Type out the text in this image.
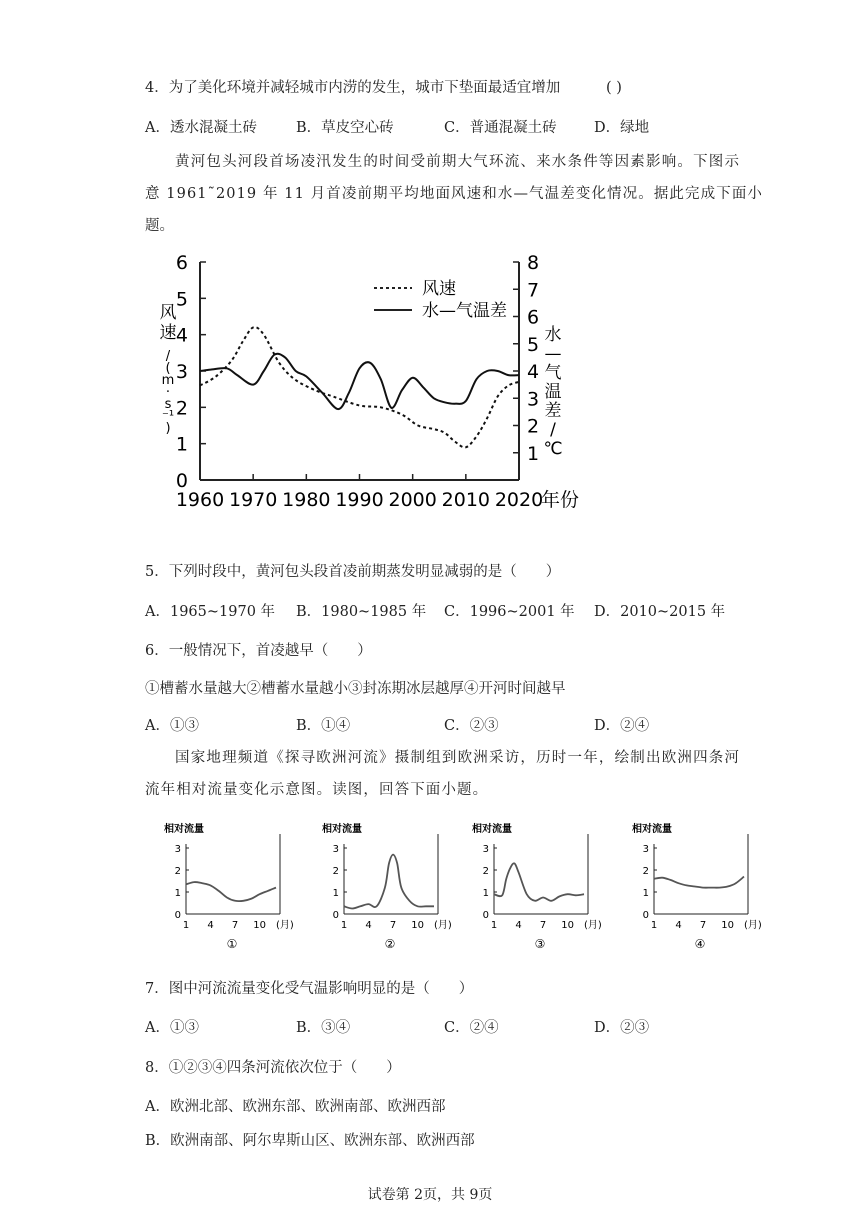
4．为了美化环境并减轻城市内涝的发生，城市下垫面最适宜增加	( )
A．透水混凝土砖	B．草皮空心砖	C．普通混凝土砖	D．绿地
黄河包头河段首场凌汛发生的时间受前期大气环流、来水条件等因素影响。下图示
意 1961˜2019 年 11 月首凌前期平均地面风速和水—气温差变化情况。据此完成下面小
题。
0
1
2
3
4
5
6
1
2
3
4
5
6
7
8
1960 1970 1980 1990 2000 2010 2020
年份
风
速
/
(
m
·
s
⁻¹
)
水
—
气
温
差
/
℃
风速
水—气温差
5．下列时段中，黄河包头段首凌前期蒸发明显减弱的是（　　）
A．1965~1970 年 B．1980~1985 年 C．1996~2001 年 D．2010~2015 年
6．一般情况下，首凌越早（　　）
①槽蓄水量越大②槽蓄水量越小③封冻期冰层越厚④开河时间越早
A．①③	B．①④	C．②③	D．②④
国家地理频道《探寻欧洲河流》摄制组到欧洲采访，历时一年，绘制出欧洲四条河
流年相对流量变化示意图。读图，回答下面小题。
相对流量
0
1
2
3
1 4 7 10 (月)
①
相对流量
0
1
2
3
1 4 7 10 (月)
②
相对流量
0
1
2
3
1 4 7 10 (月)
③
相对流量
0
1
2
3
1 4 7 10 (月)
④
7．图中河流流量变化受气温影响明显的是（　　）
A．①③	B．③④	C．②④	D．②③
8．①②③④四条河流依次位于（　　）
A．欧洲北部、欧洲东部、欧洲南部、欧洲西部
B．欧洲南部、阿尔卑斯山区、欧洲东部、欧洲西部
试卷第 2页，共 9页
